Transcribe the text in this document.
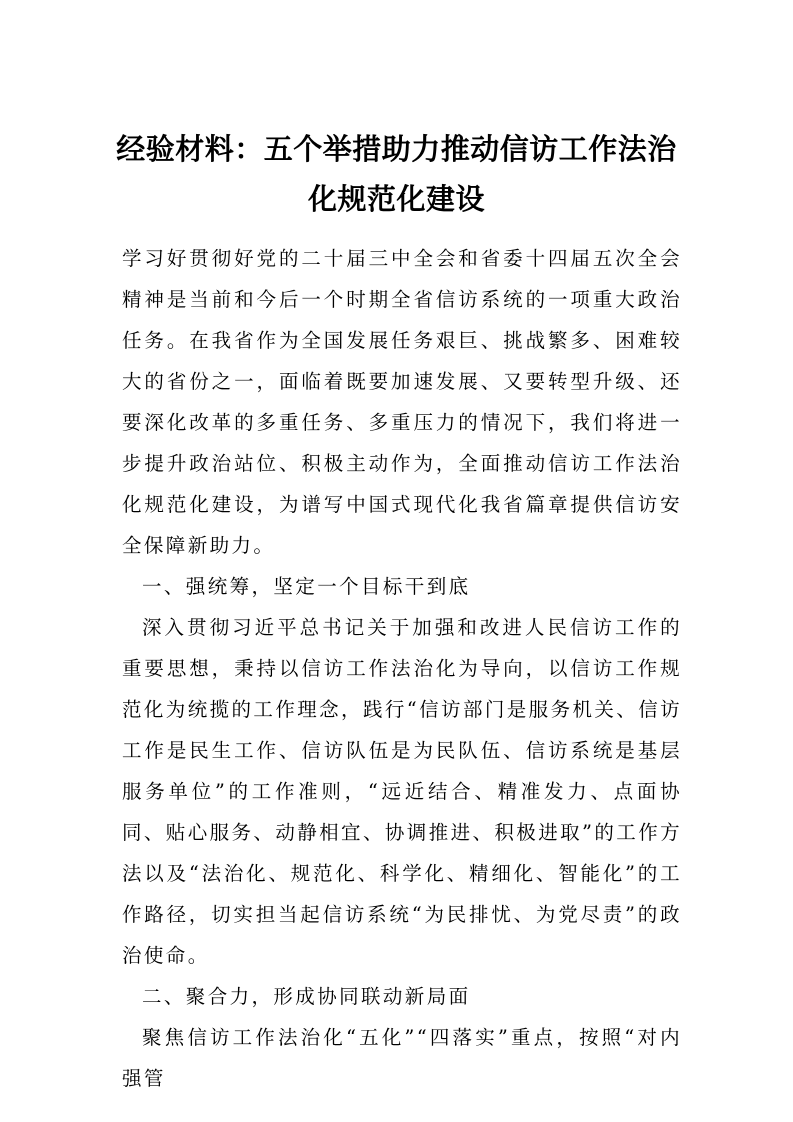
经验材料：五个举措助力推动信访工作法治
化规范化建设

学习好贯彻好党的二十届三中全会和省委十四届五次全会精神是当前和今后一个时期全省信访系统的一项重大政治任务。在我省作为全国发展任务艰巨、挑战繁多、困难较大的省份之一，面临着既要加速发展、又要转型升级、还要深化改革的多重任务、多重压力的情况下，我们将进一步提升政治站位、积极主动作为，全面推动信访工作法治化规范化建设，为谱写中国式现代化我省篇章提供信访安全保障新助力。

一、强统筹，坚定一个目标干到底

深入贯彻习近平总书记关于加强和改进人民信访工作的重要思想，秉持以信访工作法治化为导向，以信访工作规范化为统揽的工作理念，践行“信访部门是服务机关、信访工作是民生工作、信访队伍是为民队伍、信访系统是基层服务单位”的工作准则，“远近结合、精准发力、点面协同、贴心服务、动静相宜、协调推进、积极进取”的工作方法以及“法治化、规范化、科学化、精细化、智能化”的工作路径，切实担当起信访系统“为民排忧、为党尽责”的政治使命。

二、聚合力，形成协同联动新局面

聚焦信访工作法治化“五化”“四落实”重点，按照“对内强管
